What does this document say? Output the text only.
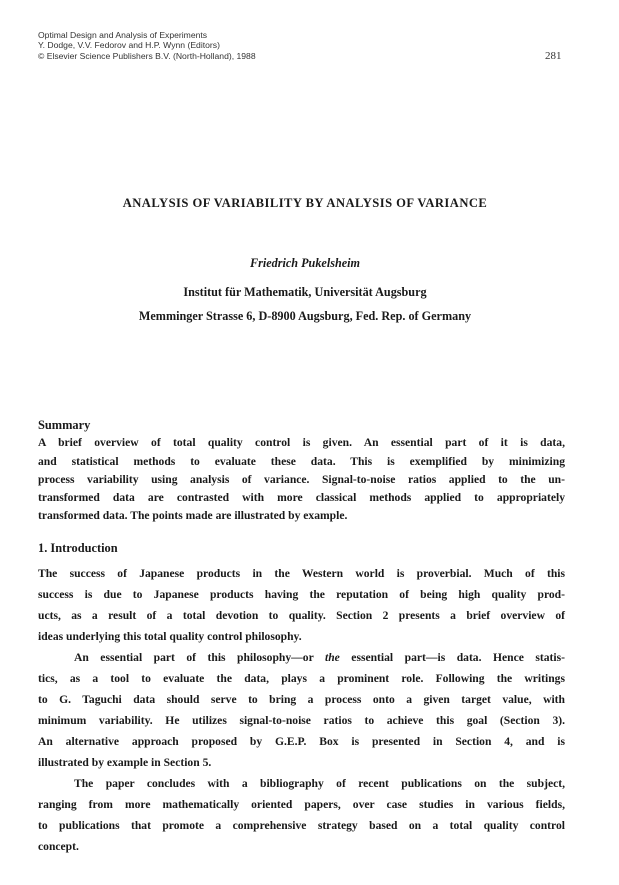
Optimal Design and Analysis of Experiments
Y. Dodge, V.V. Fedorov and H.P. Wynn (Editors)
© Elsevier Science Publishers B.V. (North-Holland), 1988	281
ANALYSIS OF VARIABILITY BY ANALYSIS OF VARIANCE
Friedrich Pukelsheim
Institut für Mathematik, Universität Augsburg
Memminger Strasse 6, D-8900 Augsburg, Fed. Rep. of Germany
Summary
A brief overview of total quality control is given. An essential part of it is data,
and statistical methods to evaluate these data. This is exemplified by minimizing
process variability using analysis of variance. Signal-to-noise ratios applied to the un-
transformed data are contrasted with more classical methods applied to appropriately
transformed data. The points made are illustrated by example.
1. Introduction
The success of Japanese products in the Western world is proverbial. Much of this
success is due to Japanese products having the reputation of being high quality prod-
ucts, as a result of a total devotion to quality. Section 2 presents a brief overview of
ideas underlying this total quality control philosophy.
An essential part of this philosophy—or the essential part—is data. Hence statis-
tics, as a tool to evaluate the data, plays a prominent role. Following the writings
to G. Taguchi data should serve to bring a process onto a given target value, with
minimum variability. He utilizes signal-to-noise ratios to achieve this goal (Section 3).
An alternative approach proposed by G.E.P. Box is presented in Section 4, and is
illustrated by example in Section 5.
The paper concludes with a bibliography of recent publications on the subject,
ranging from more mathematically oriented papers, over case studies in various fields,
to publications that promote a comprehensive strategy based on a total quality control
concept.
